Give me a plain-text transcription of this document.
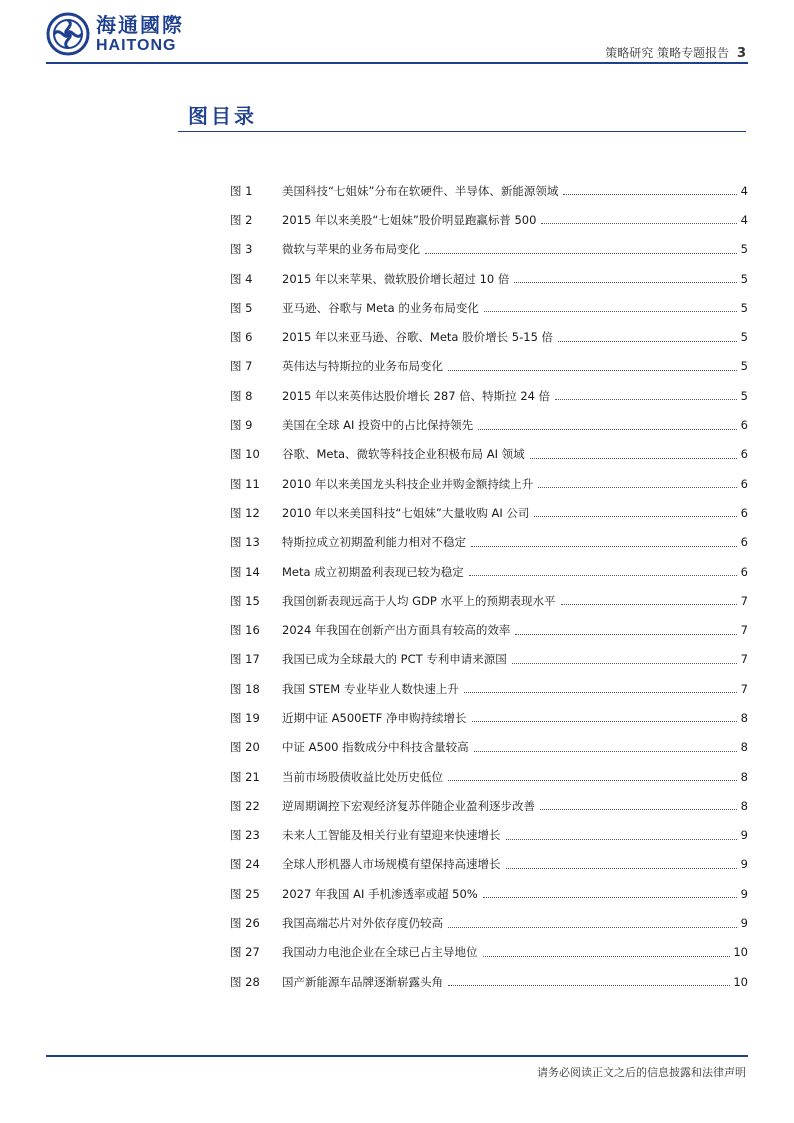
海通國際
HAITONG	策略研究 策略专题报告 3
图目录
图 1	美国科技“七姐妹”分布在软硬件、半导体、新能源领域	4
图 2	2015 年以来美股“七姐妹”股价明显跑赢标普 500	4
图 3	微软与苹果的业务布局变化	5
图 4	2015 年以来苹果、微软股价增长超过 10 倍	5
图 5	亚马逊、谷歌与 Meta 的业务布局变化	5
图 6	2015 年以来亚马逊、谷歌、Meta 股价增长 5-15 倍	5
图 7	英伟达与特斯拉的业务布局变化	5
图 8	2015 年以来英伟达股价增长 287 倍、特斯拉 24 倍	5
图 9	美国在全球 AI 投资中的占比保持领先	6
图 10	谷歌、Meta、微软等科技企业积极布局 AI 领域	6
图 11	2010 年以来美国龙头科技企业并购金额持续上升	6
图 12	2010 年以来美国科技“七姐妹”大量收购 AI 公司	6
图 13	特斯拉成立初期盈利能力相对不稳定	6
图 14	Meta 成立初期盈利表现已较为稳定	6
图 15	我国创新表现远高于人均 GDP 水平上的预期表现水平	7
图 16	2024 年我国在创新产出方面具有较高的效率	7
图 17	我国已成为全球最大的 PCT 专利申请来源国	7
图 18	我国 STEM 专业毕业人数快速上升	7
图 19	近期中证 A500ETF 净申购持续增长	8
图 20	中证 A500 指数成分中科技含量较高	8
图 21	当前市场股债收益比处历史低位	8
图 22	逆周期调控下宏观经济复苏伴随企业盈利逐步改善	8
图 23	未来人工智能及相关行业有望迎来快速增长	9
图 24	全球人形机器人市场规模有望保持高速增长	9
图 25	2027 年我国 AI 手机渗透率或超 50%	9
图 26	我国高端芯片对外依存度仍较高	9
图 27	我国动力电池企业在全球已占主导地位	10
图 28	国产新能源车品牌逐渐崭露头角	10
请务必阅读正文之后的信息披露和法律声明
